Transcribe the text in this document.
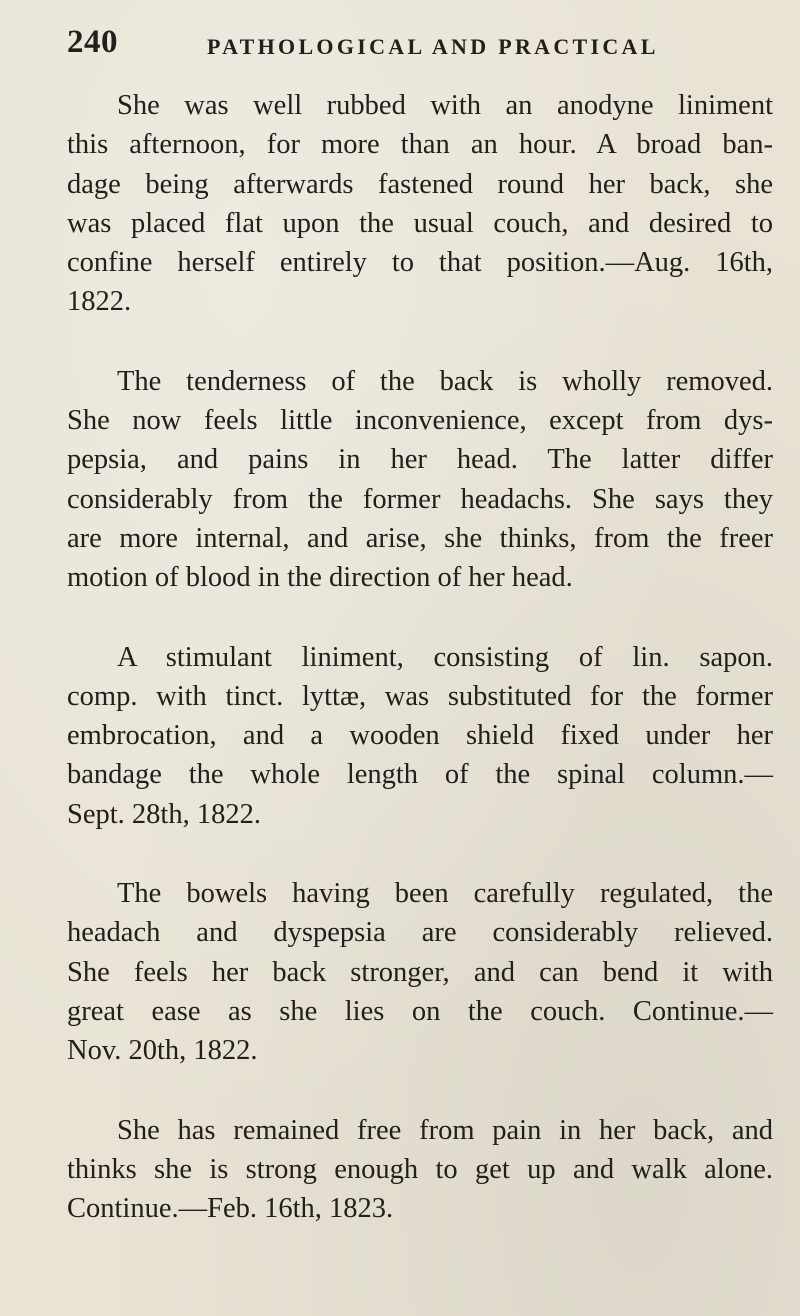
240	PATHOLOGICAL AND PRACTICAL

She was well rubbed with an anodyne liniment
this afternoon, for more than an hour. A broad ban-
dage being afterwards fastened round her back, she
was placed flat upon the usual couch, and desired to
confine herself entirely to that position.—Aug. 16th,
1822.

The tenderness of the back is wholly removed.
She now feels little inconvenience, except from dys-
pepsia, and pains in her head. The latter differ
considerably from the former headachs. She says they
are more internal, and arise, she thinks, from the freer
motion of blood in the direction of her head.

A stimulant liniment, consisting of lin. sapon.
comp. with tinct. lyttæ, was substituted for the former
embrocation, and a wooden shield fixed under her
bandage the whole length of the spinal column.—
Sept. 28th, 1822.

The bowels having been carefully regulated, the
headach and dyspepsia are considerably relieved.
She feels her back stronger, and can bend it with
great ease as she lies on the couch. Continue.—
Nov. 20th, 1822.

She has remained free from pain in her back, and
thinks she is strong enough to get up and walk alone.
Continue.—Feb. 16th, 1823.
